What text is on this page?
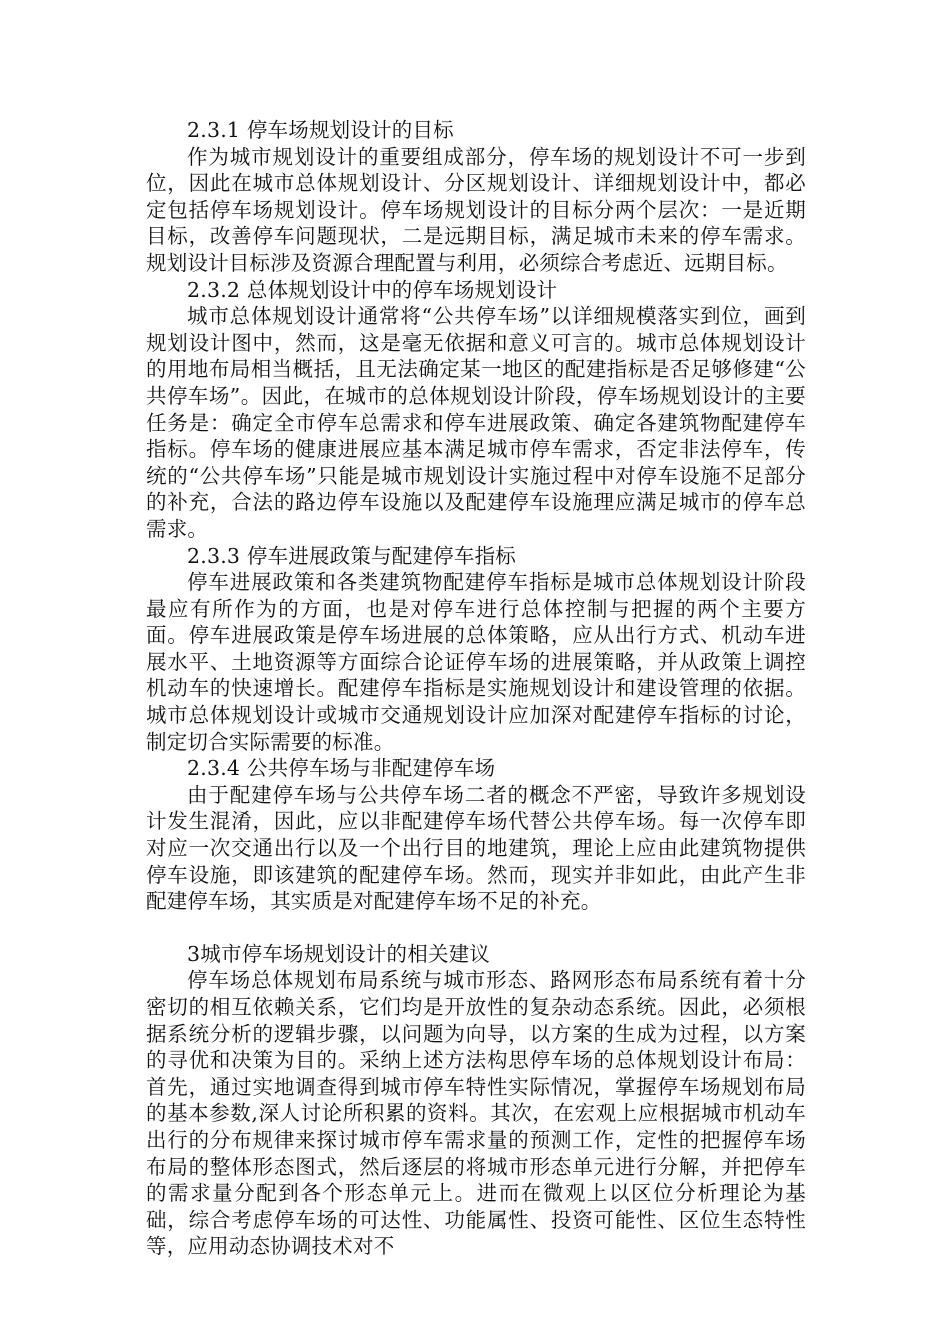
2.3.1 停车场规划设计的目标

作为城市规划设计的重要组成部分，停车场的规划设计不可一步到位，因此在城市总体规划设计、分区规划设计、详细规划设计中，都必定包括停车场规划设计。停车场规划设计的目标分两个层次：一是近期目标，改善停车问题现状，二是远期目标，满足城市未来的停车需求。规划设计目标涉及资源合理配置与利用，必须综合考虑近、远期目标。

2.3.2 总体规划设计中的停车场规划设计

城市总体规划设计通常将“公共停车场”以详细规模落实到位，画到规划设计图中，然而，这是毫无依据和意义可言的。城市总体规划设计的用地布局相当概括，且无法确定某一地区的配建指标是否足够修建“公共停车场”。因此，在城市的总体规划设计阶段，停车场规划设计的主要任务是：确定全市停车总需求和停车进展政策、确定各建筑物配建停车指标。停车场的健康进展应基本满足城市停车需求，否定非法停车，传统的“公共停车场”只能是城市规划设计实施过程中对停车设施不足部分的补充，合法的路边停车设施以及配建停车设施理应满足城市的停车总需求。

2.3.3 停车进展政策与配建停车指标

停车进展政策和各类建筑物配建停车指标是城市总体规划设计阶段最应有所作为的方面，也是对停车进行总体控制与把握的两个主要方面。停车进展政策是停车场进展的总体策略，应从出行方式、机动车进展水平、土地资源等方面综合论证停车场的进展策略，并从政策上调控机动车的快速增长。配建停车指标是实施规划设计和建设管理的依据。城市总体规划设计或城市交通规划设计应加深对配建停车指标的讨论，制定切合实际需要的标准。

2.3.4 公共停车场与非配建停车场

由于配建停车场与公共停车场二者的概念不严密，导致许多规划设计发生混淆，因此，应以非配建停车场代替公共停车场。每一次停车即对应一次交通出行以及一个出行目的地建筑，理论上应由此建筑物提供停车设施，即该建筑的配建停车场。然而，现实并非如此，由此产生非配建停车场，其实质是对配建停车场不足的补充。

3城市停车场规划设计的相关建议

停车场总体规划布局系统与城市形态、路网形态布局系统有着十分密切的相互依赖关系，它们均是开放性的复杂动态系统。因此，必须根据系统分析的逻辑步骤，以问题为向导，以方案的生成为过程，以方案的寻优和决策为目的。采纳上述方法构思停车场的总体规划设计布局：首先，通过实地调查得到城市停车特性实际情况，掌握停车场规划布局的基本参数,深人讨论所积累的资料。其次，在宏观上应根据城市机动车出行的分布规律来探讨城市停车需求量的预测工作，定性的把握停车场布局的整体形态图式，然后逐层的将城市形态单元进行分解，并把停车的需求量分配到各个形态单元上。进而在微观上以区位分析理论为基础，综合考虑停车场的可达性、功能属性、投资可能性、区位生态特性等，应用动态协调技术对不
